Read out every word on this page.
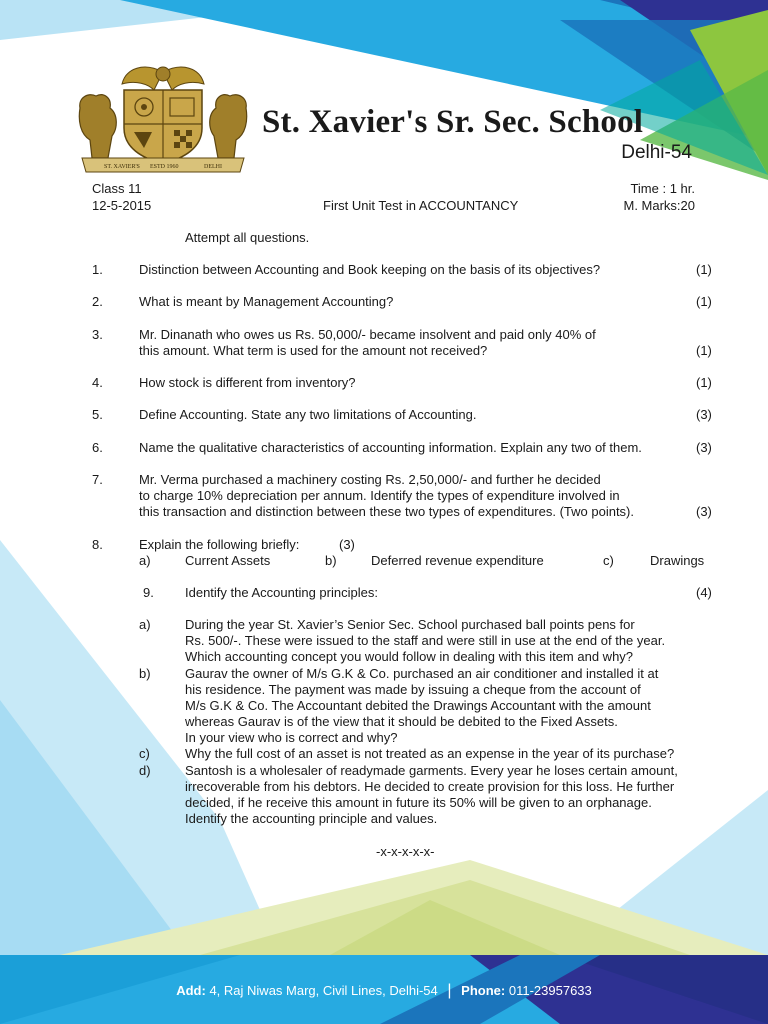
ST. XAVIER'S ESTD 1960	DELHI
St. Xavier's Sr. Sec. School
Delhi-54
Class 11
12-5-2015	First Unit Test in ACCOUNTANCY
Time : 1 hr.
M. Marks:20
Attempt all questions.
1.	Distinction between Accounting and Book keeping on the basis of its objectives?	(1)
2.	What is meant by Management Accounting?	(1)
3.	Mr. Dinanath who owes us Rs. 50,000/- became insolvent and paid only 40% of
this amount. What term is used for the amount not received?	(1)
4.	How stock is different from inventory?	(1)
5.	Define Accounting. State any two limitations of Accounting.	(3)
6.	Name the qualitative characteristics of accounting information. Explain any two of them.	(3)
7.	Mr. Verma purchased a machinery costing Rs. 2,50,000/- and further he decided
to charge 10% depreciation per annum. Identify the types of expenditure involved in
this transaction and distinction between these two types of expenditures. (Two points).	(3)
8.	Explain the following briefly:	(3)
a)	Current Assets	b)	Deferred revenue expenditure	c)	Drawings
9. Identify the Accounting principles:	(4)
a)	During the year St. Xavier’s Senior Sec. School purchased ball points pens for
Rs. 500/-. These were issued to the staff and were still in use at the end of the year.
Which accounting concept you would follow in dealing with this item and why?
b)	Gaurav the owner of M/s G.K & Co. purchased an air conditioner and installed it at
his residence. The payment was made by issuing a cheque from the account of
M/s G.K & Co. The Accountant debited the Drawings Accountant with the amount
whereas Gaurav is of the view that it should be debited to the Fixed Assets.
In your view who is correct and why?
c)	Why the full cost of an asset is not treated as an expense in the year of its purchase?
d)	Santosh is a wholesaler of readymade garments. Every year he loses certain amount,
irrecoverable from his debtors. He decided to create provision for this loss. He further
decided, if he receive this amount in future its 50% will be given to an orphanage.
Identify the accounting principle and values.
-x-x-x-x-x-
Add: 4, Raj Niwas Marg, Civil Lines, Delhi-54 | Phone: 011-23957633
